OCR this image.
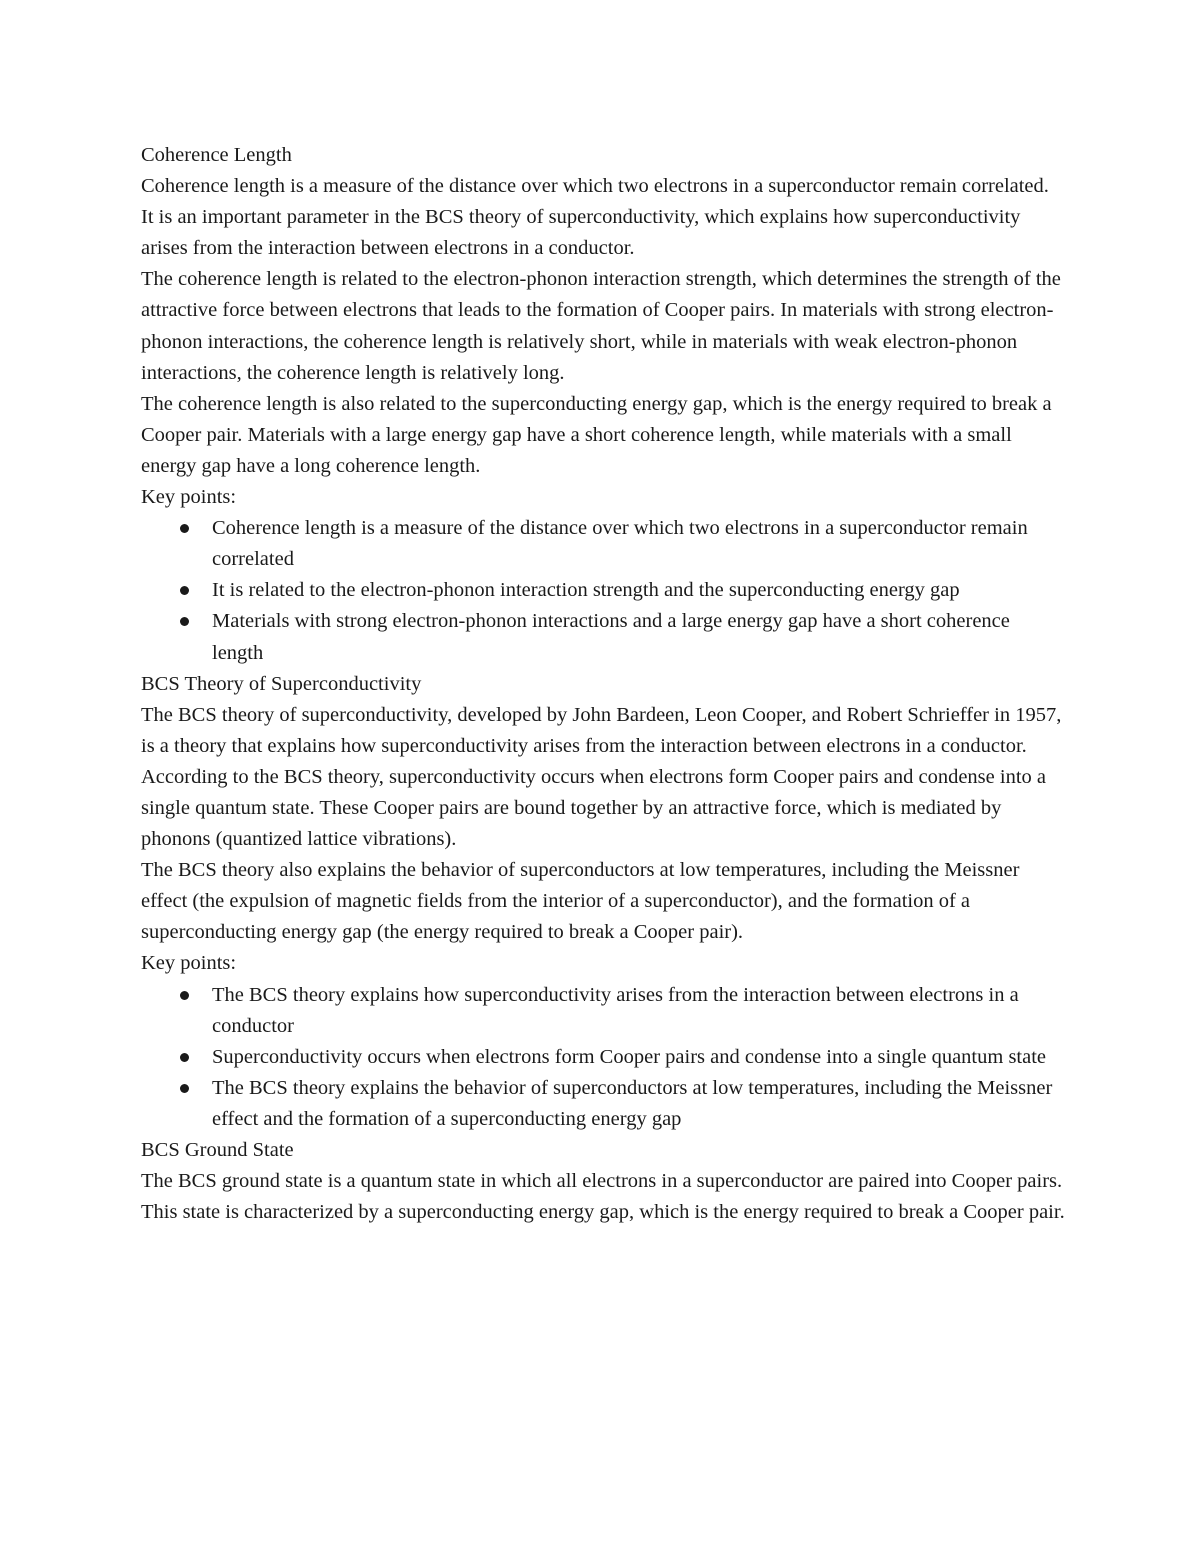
Coherence Length

Coherence length is a measure of the distance over which two electrons in a superconductor remain correlated. It is an important parameter in the BCS theory of superconductivity, which explains how superconductivity arises from the interaction between electrons in a conductor.

The coherence length is related to the electron-phonon interaction strength, which determines the strength of the attractive force between electrons that leads to the formation of Cooper pairs. In materials with strong electron-phonon interactions, the coherence length is relatively short, while in materials with weak electron-phonon interactions, the coherence length is relatively long.

The coherence length is also related to the superconducting energy gap, which is the energy required to break a Cooper pair. Materials with a large energy gap have a short coherence length, while materials with a small energy gap have a long coherence length.

Key points:

Coherence length is a measure of the distance over which two electrons in a superconductor remain correlated
It is related to the electron-phonon interaction strength and the superconducting energy gap
Materials with strong electron-phonon interactions and a large energy gap have a short coherence length

BCS Theory of Superconductivity

The BCS theory of superconductivity, developed by John Bardeen, Leon Cooper, and Robert Schrieffer in 1957, is a theory that explains how superconductivity arises from the interaction between electrons in a conductor.

According to the BCS theory, superconductivity occurs when electrons form Cooper pairs and condense into a single quantum state. These Cooper pairs are bound together by an attractive force, which is mediated by phonons (quantized lattice vibrations).

The BCS theory also explains the behavior of superconductors at low temperatures, including the Meissner effect (the expulsion of magnetic fields from the interior of a superconductor), and the formation of a superconducting energy gap (the energy required to break a Cooper pair).

Key points:

The BCS theory explains how superconductivity arises from the interaction between electrons in a conductor
Superconductivity occurs when electrons form Cooper pairs and condense into a single quantum state
The BCS theory explains the behavior of superconductors at low temperatures, including the Meissner effect and the formation of a superconducting energy gap

BCS Ground State

The BCS ground state is a quantum state in which all electrons in a superconductor are paired into Cooper pairs. This state is characterized by a superconducting energy gap, which is the energy required to break a Cooper pair.
